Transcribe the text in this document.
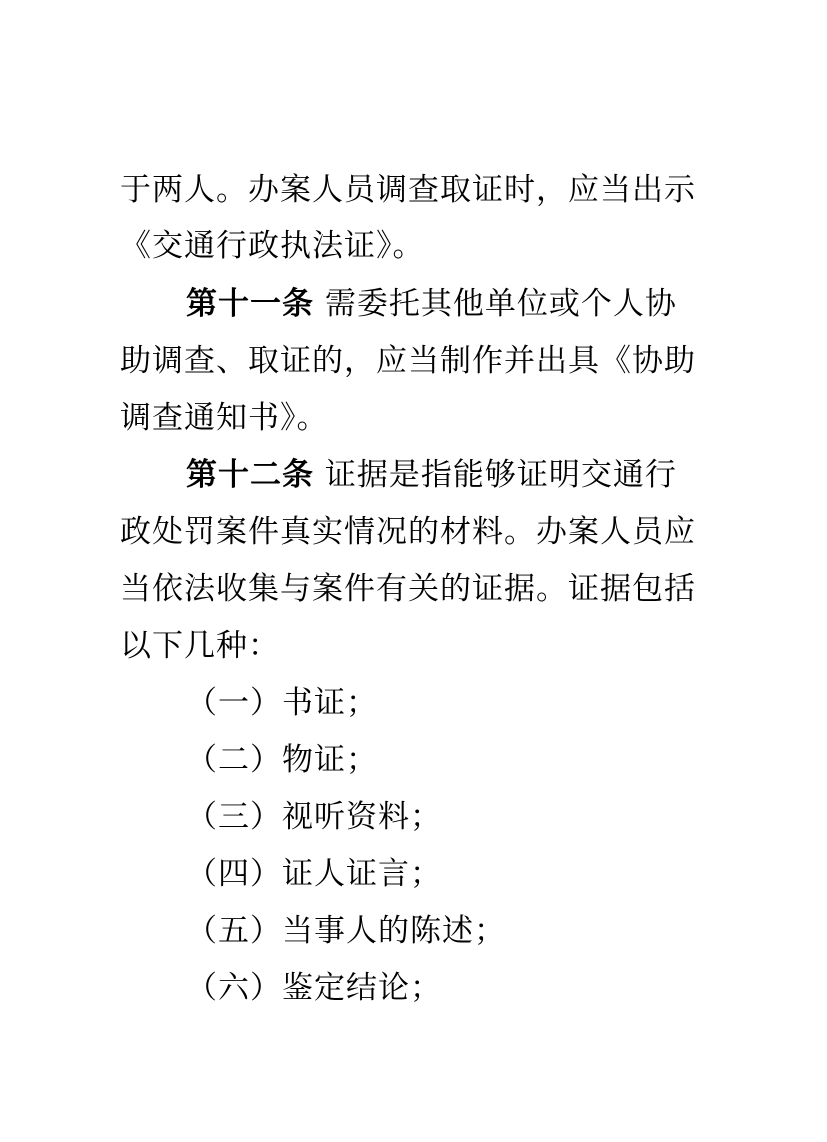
于两人。办案人员调查取证时，应当出示
《交通行政执法证》。
第十一条 需委托其他单位或个人协
助调查、取证的，应当制作并出具《协助
调查通知书》。
第十二条 证据是指能够证明交通行
政处罚案件真实情况的材料。办案人员应
当依法收集与案件有关的证据。证据包括
以下几种：
（一）书证；
（二）物证；
（三）视听资料；
（四）证人证言；
（五）当事人的陈述；
（六）鉴定结论；
